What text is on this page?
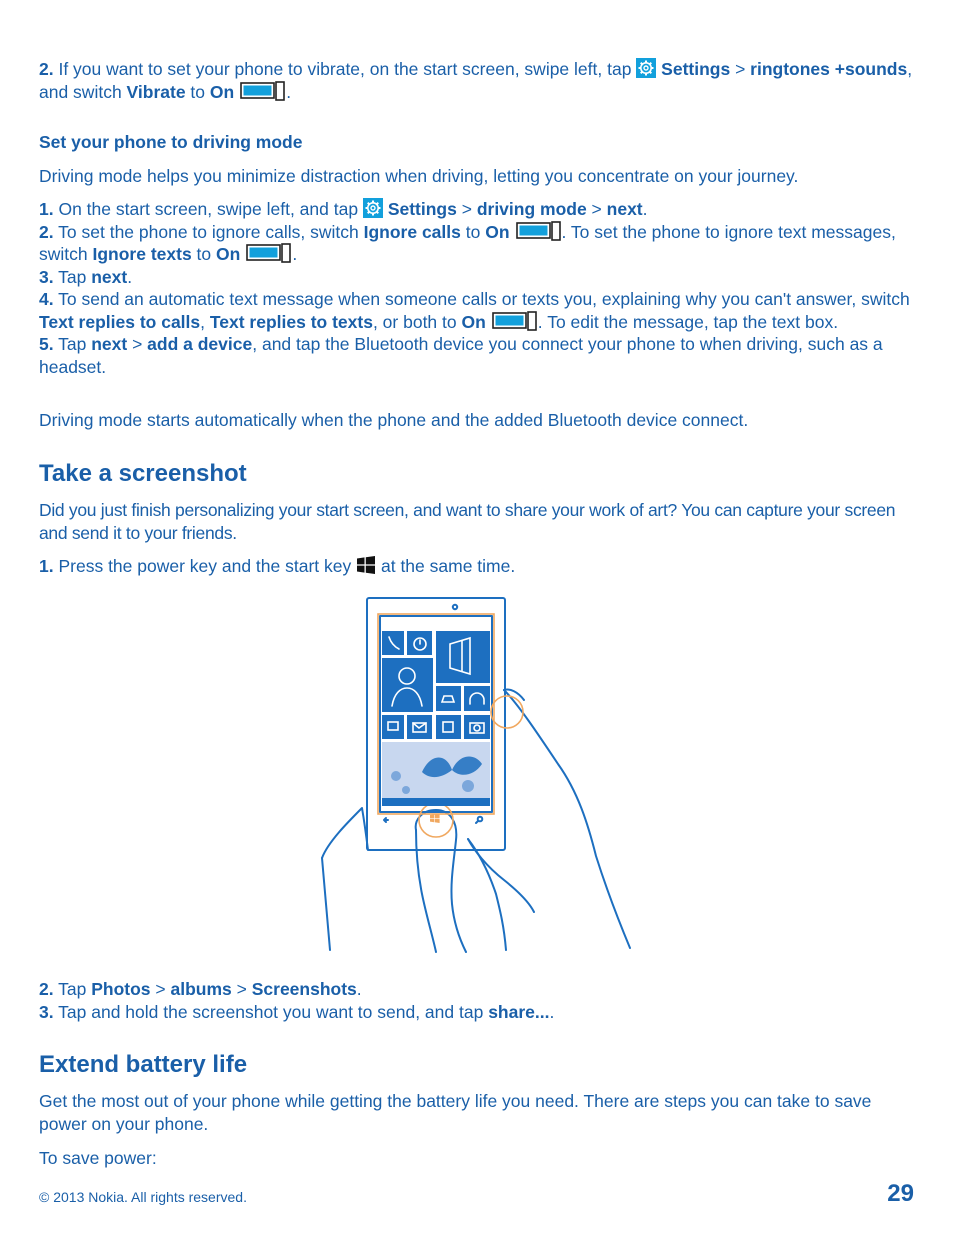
2. If you want to set your phone to vibrate, on the start screen, swipe left, tap  Settings > ringtones +sounds, and switch Vibrate to On	.
Set your phone to driving mode
Driving mode helps you minimize distraction when driving, letting you concentrate on your journey.
1. On the start screen, swipe left, and tap  Settings > driving mode > next.
2. To set the phone to ignore calls, switch Ignore calls to On	. To set the phone to ignore text messages, switch Ignore texts to On	.
3. Tap next.
4. To send an automatic text message when someone calls or texts you, explaining why you can't answer, switch Text replies to calls, Text replies to texts, or both to On	. To edit the message, tap the text box.
5. Tap next > add a device, and tap the Bluetooth device you connect your phone to when driving, such as a headset.
Driving mode starts automatically when the phone and the added Bluetooth device connect.
Take a screenshot
Did you just finish personalizing your start screen, and want to share your work of art? You can capture your screen and send it to your friends.
1. Press the power key and the start key  at the same time.
2. Tap Photos > albums > Screenshots.
3. Tap and hold the screenshot you want to send, and tap share....
Extend battery life
Get the most out of your phone while getting the battery life you need. There are steps you can take to save power on your phone.
To save power:
© 2013 Nokia. All rights reserved.	29
